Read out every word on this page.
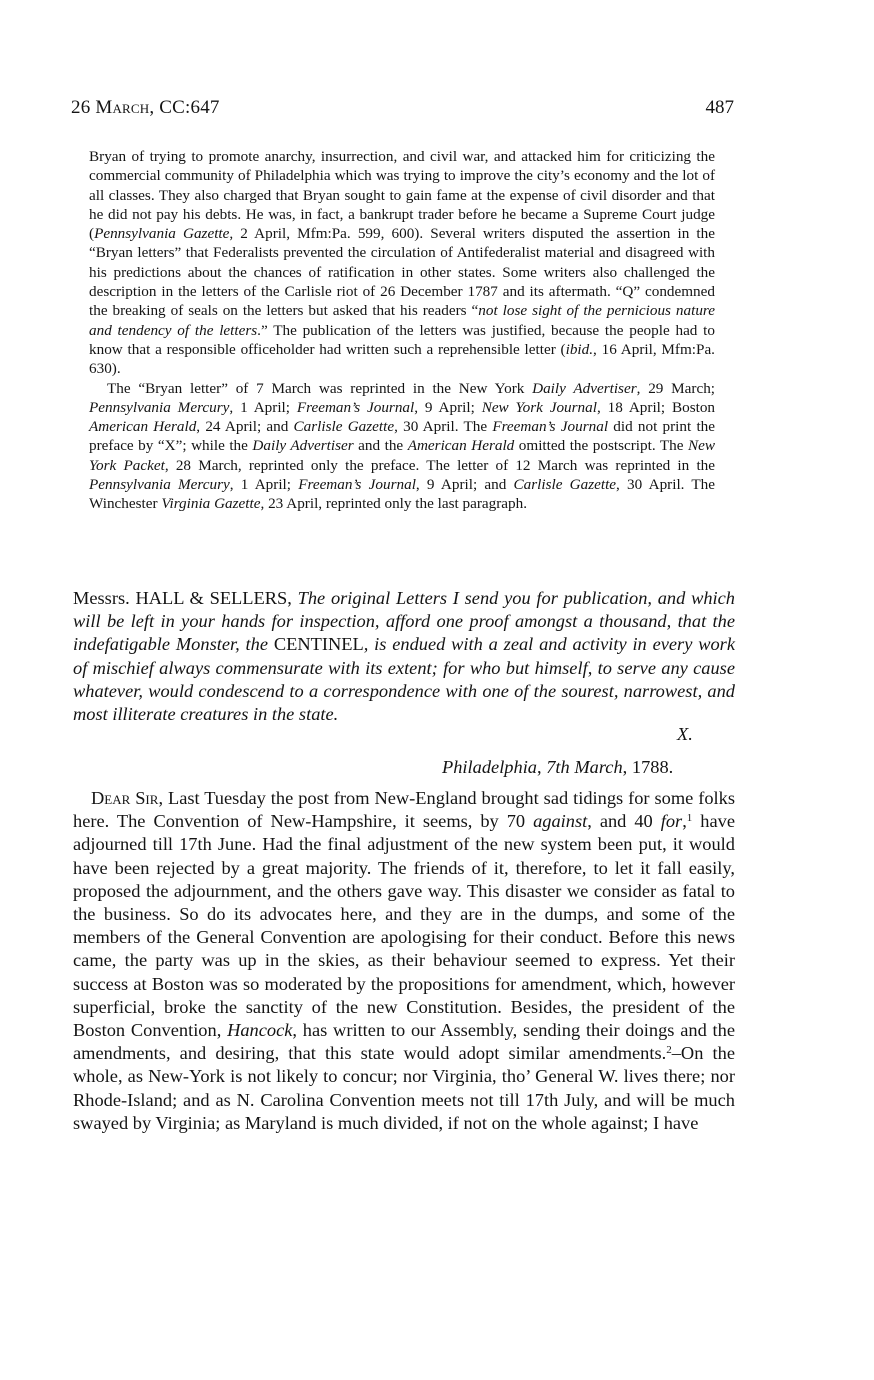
26 March, CC:647	487

Bryan of trying to promote anarchy, insurrection, and civil war, and attacked him for criticizing the commercial community of Philadelphia which was trying to improve the city’s economy and the lot of all classes. They also charged that Bryan sought to gain fame at the expense of civil disorder and that he did not pay his debts. He was, in fact, a bankrupt trader before he became a Supreme Court judge (Pennsylvania Gazette, 2 April, Mfm:Pa. 599, 600). Several writers disputed the assertion in the “Bryan letters” that Federalists prevented the circulation of Antifederalist material and disagreed with his predictions about the chances of ratification in other states. Some writers also challenged the description in the letters of the Carlisle riot of 26 December 1787 and its aftermath. “Q” condemned the breaking of seals on the letters but asked that his readers “not lose sight of the pernicious nature and tendency of the letters.” The publication of the letters was justified, because the people had to know that a responsible officeholder had written such a reprehensible letter (ibid., 16 April, Mfm:Pa. 630).

The “Bryan letter” of 7 March was reprinted in the New York Daily Advertiser, 29 March; Pennsylvania Mercury, 1 April; Freeman’s Journal, 9 April; New York Journal, 18 April; Boston American Herald, 24 April; and Carlisle Gazette, 30 April. The Freeman’s Journal did not print the preface by “X”; while the Daily Advertiser and the American Herald omitted the postscript. The New York Packet, 28 March, reprinted only the preface. The letter of 12 March was reprinted in the Pennsylvania Mercury, 1 April; Freeman’s Journal, 9 April; and Carlisle Gazette, 30 April. The Winchester Virginia Gazette, 23 April, reprinted only the last paragraph.

Messrs. HALL & SELLERS, The original Letters I send you for publication, and which will be left in your hands for inspection, afford one proof amongst a thousand, that the indefatigable Monster, the CENTINEL, is endued with a zeal and activity in every work of mischief always commensurate with its extent; for who but himself, to serve any cause whatever, would condescend to a correspondence with one of the sourest, narrowest, and most illiterate creatures in the state.

X.
Philadelphia, 7th March, 1788.

Dear Sir, Last Tuesday the post from New-England brought sad tidings for some folks here. The Convention of New-Hampshire, it seems, by 70 against, and 40 for,$^1$ have adjourned till 17th June. Had the final adjustment of the new system been put, it would have been rejected by a great majority. The friends of it, therefore, to let it fall easily, proposed the adjournment, and the others gave way. This disaster we consider as fatal to the business. So do its advocates here, and they are in the dumps, and some of the members of the General Convention are apologising for their conduct. Before this news came, the party was up in the skies, as their behaviour seemed to express. Yet their success at Boston was so moderated by the propositions for amendment, which, however superficial, broke the sanctity of the new Constitution. Besides, the president of the Boston Convention, Hancock, has written to our Assembly, sending their doings and the amendments, and desiring, that this state would adopt similar amendments.$^2$–On the whole, as New-York is not likely to concur; nor Virginia, tho’ General W. lives there; nor Rhode-Island; and as N. Carolina Convention meets not till 17th July, and will be much swayed by Virginia; as Maryland is much divided, if not on the whole against; I have
